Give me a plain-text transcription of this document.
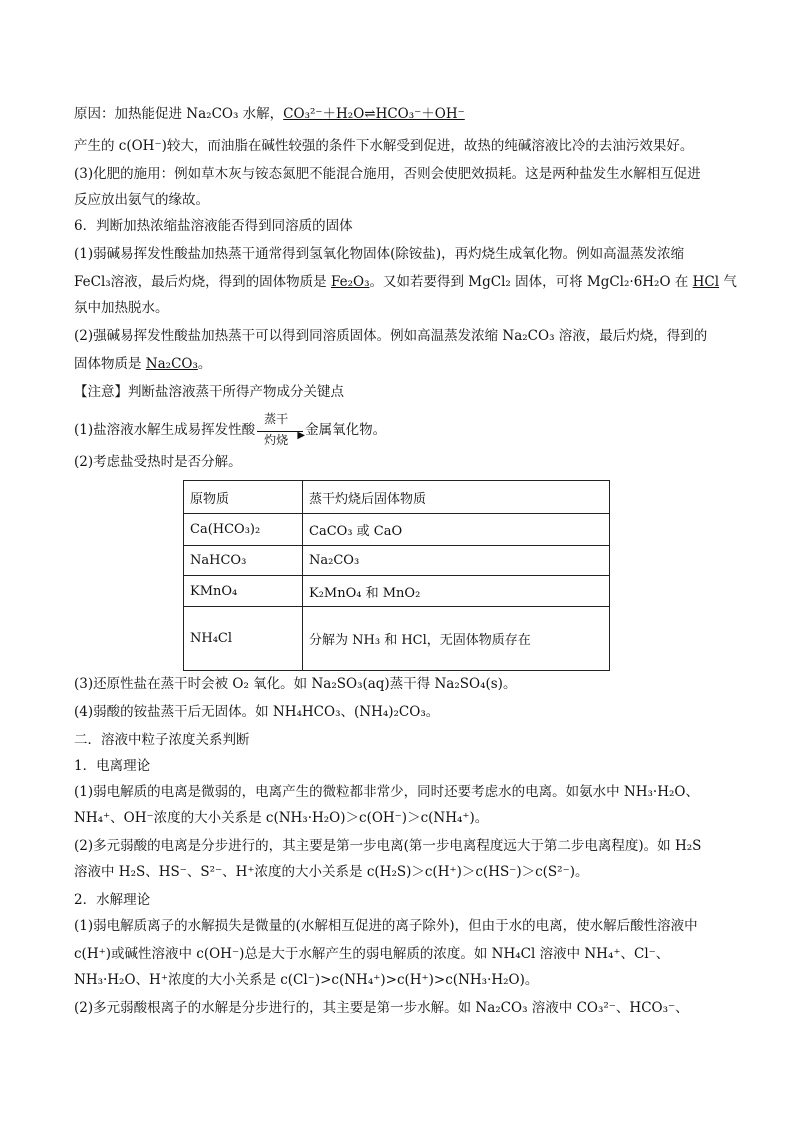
原因：加热能促进 Na₂CO₃ 水解，CO₃²⁻＋H₂O⇌HCO₃⁻＋OH⁻
产生的 c(OH⁻)较大，而油脂在碱性较强的条件下水解受到促进，故热的纯碱溶液比冷的去油污效果好。
(3)化肥的施用：例如草木灰与铵态氮肥不能混合施用，否则会使肥效损耗。这是两种盐发生水解相互促进
反应放出氨气的缘故。
6．判断加热浓缩盐溶液能否得到同溶质的固体
(1)弱碱易挥发性酸盐加热蒸干通常得到氢氧化物固体(除铵盐)，再灼烧生成氧化物。例如高温蒸发浓缩
FeCl₃溶液，最后灼烧，得到的固体物质是 Fe₂O₃。又如若要得到 MgCl₂ 固体，可将 MgCl₂·6H₂O 在 HCl 气
氛中加热脱水。
(2)强碱易挥发性酸盐加热蒸干可以得到同溶质固体。例如高温蒸发浓缩 Na₂CO₃ 溶液，最后灼烧，得到的
固体物质是 Na₂CO₃。
【注意】判断盐溶液蒸干所得产物成分关键点
(1)盐溶液水解生成易挥发性酸
蒸干
▶
灼烧
金属氧化物。
(2)考虑盐受热时是否分解。
原物质	蒸干灼烧后固体物质
Ca(HCO₃)₂	CaCO₃ 或 CaO
NaHCO₃	Na₂CO₃
KMnO₄	K₂MnO₄ 和 MnO₂
NH₄Cl	分解为 NH₃ 和 HCl，无固体物质存在
(3)还原性盐在蒸干时会被 O₂ 氧化。如 Na₂SO₃(aq)蒸干得 Na₂SO₄(s)。
(4)弱酸的铵盐蒸干后无固体。如 NH₄HCO₃、(NH₄)₂CO₃。
二．溶液中粒子浓度关系判断
1．电离理论
(1)弱电解质的电离是微弱的，电离产生的微粒都非常少，同时还要考虑水的电离。如氨水中 NH₃·H₂O、
NH₄⁺、OH⁻浓度的大小关系是 c(NH₃·H₂O)＞c(OH⁻)＞c(NH₄⁺)。
(2)多元弱酸的电离是分步进行的，其主要是第一步电离(第一步电离程度远大于第二步电离程度)。如 H₂S
溶液中 H₂S、HS⁻、S²⁻、H⁺浓度的大小关系是 c(H₂S)＞c(H⁺)＞c(HS⁻)＞c(S²⁻)。
2．水解理论
(1)弱电解质离子的水解损失是微量的(水解相互促进的离子除外)，但由于水的电离，使水解后酸性溶液中
c(H⁺)或碱性溶液中 c(OH⁻)总是大于水解产生的弱电解质的浓度。如 NH₄Cl 溶液中 NH₄⁺、Cl⁻、
NH₃·H₂O、H⁺浓度的大小关系是 c(Cl⁻)>c(NH₄⁺)>c(H⁺)>c(NH₃·H₂O)。
(2)多元弱酸根离子的水解是分步进行的，其主要是第一步水解。如 Na₂CO₃ 溶液中 CO₃²⁻、HCO₃⁻、
